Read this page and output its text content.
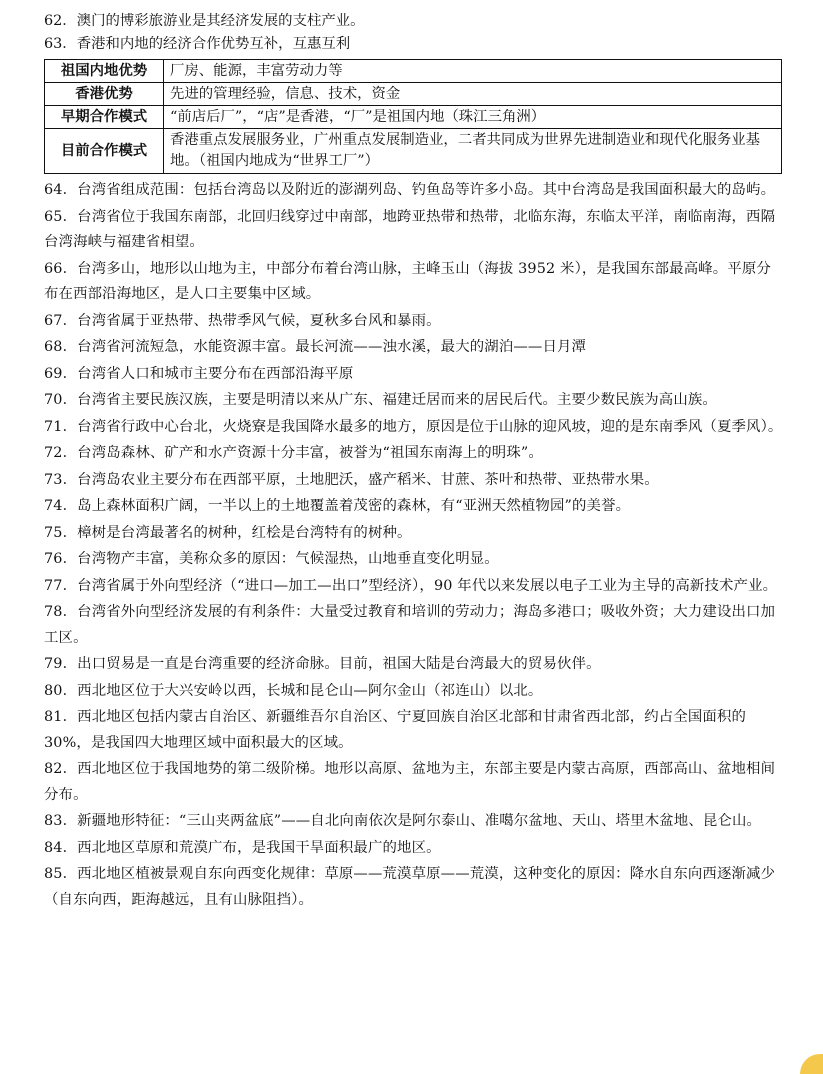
62．澳门的博彩旅游业是其经济发展的支柱产业。
63．香港和内地的经济合作优势互补，互惠互利
祖国内地优势	厂房、能源，丰富劳动力等
香港优势	先进的管理经验，信息、技术，资金
早期合作模式	“前店后厂”，“店”是香港，“厂”是祖国内地（珠江三角洲）
目前合作模式	香港重点发展服务业，广州重点发展制造业，二者共同成为世界先进制造业和现代化服务业基地。（祖国内地成为“世界工厂”）

64．台湾省组成范围：包括台湾岛以及附近的澎湖列岛、钓鱼岛等许多小岛。其中台湾岛是我国面积最大的岛屿。

65．台湾省位于我国东南部，北回归线穿过中南部，地跨亚热带和热带，北临东海，东临太平洋，南临南海，西隔台湾海峡与福建省相望。

66．台湾多山，地形以山地为主，中部分布着台湾山脉，主峰玉山（海拔 3952 米），是我国东部最高峰。平原分布在西部沿海地区，是人口主要集中区域。

67．台湾省属于亚热带、热带季风气候，夏秋多台风和暴雨。

68．台湾省河流短急，水能资源丰富。最长河流——浊水溪，最大的湖泊——日月潭

69．台湾省人口和城市主要分布在西部沿海平原

70．台湾省主要民族汉族，主要是明清以来从广东、福建迁居而来的居民后代。主要少数民族为高山族。

71．台湾省行政中心台北，火烧寮是我国降水最多的地方，原因是位于山脉的迎风坡，迎的是东南季风（夏季风）。

72．台湾岛森林、矿产和水产资源十分丰富，被誉为“祖国东南海上的明珠”。

73．台湾岛农业主要分布在西部平原，土地肥沃，盛产稻米、甘蔗、茶叶和热带、亚热带水果。

74．岛上森林面积广阔，一半以上的土地覆盖着茂密的森林，有“亚洲天然植物园”的美誉。

75．樟树是台湾最著名的树种，红桧是台湾特有的树种。

76．台湾物产丰富，美称众多的原因：气候湿热，山地垂直变化明显。

77．台湾省属于外向型经济（“进口—加工—出口”型经济），90 年代以来发展以电子工业为主导的高新技术产业。

78．台湾省外向型经济发展的有利条件：大量受过教育和培训的劳动力；海岛多港口；吸收外资；大力建设出口加工区。

79．出口贸易是一直是台湾重要的经济命脉。目前，祖国大陆是台湾最大的贸易伙伴。

80．西北地区位于大兴安岭以西，长城和昆仑山—阿尔金山（祁连山）以北。

81．西北地区包括内蒙古自治区、新疆维吾尔自治区、宁夏回族自治区北部和甘肃省西北部，约占全国面积的 30%，是我国四大地理区域中面积最大的区域。

82．西北地区位于我国地势的第二级阶梯。地形以高原、盆地为主，东部主要是内蒙古高原，西部高山、盆地相间分布。

83．新疆地形特征：“三山夹两盆底”——自北向南依次是阿尔泰山、准噶尔盆地、天山、塔里木盆地、昆仑山。

84．西北地区草原和荒漠广布，是我国干旱面积最广的地区。

85．西北地区植被景观自东向西变化规律：草原——荒漠草原——荒漠，这种变化的原因：降水自东向西逐渐减少（自东向西，距海越远，且有山脉阻挡）。
